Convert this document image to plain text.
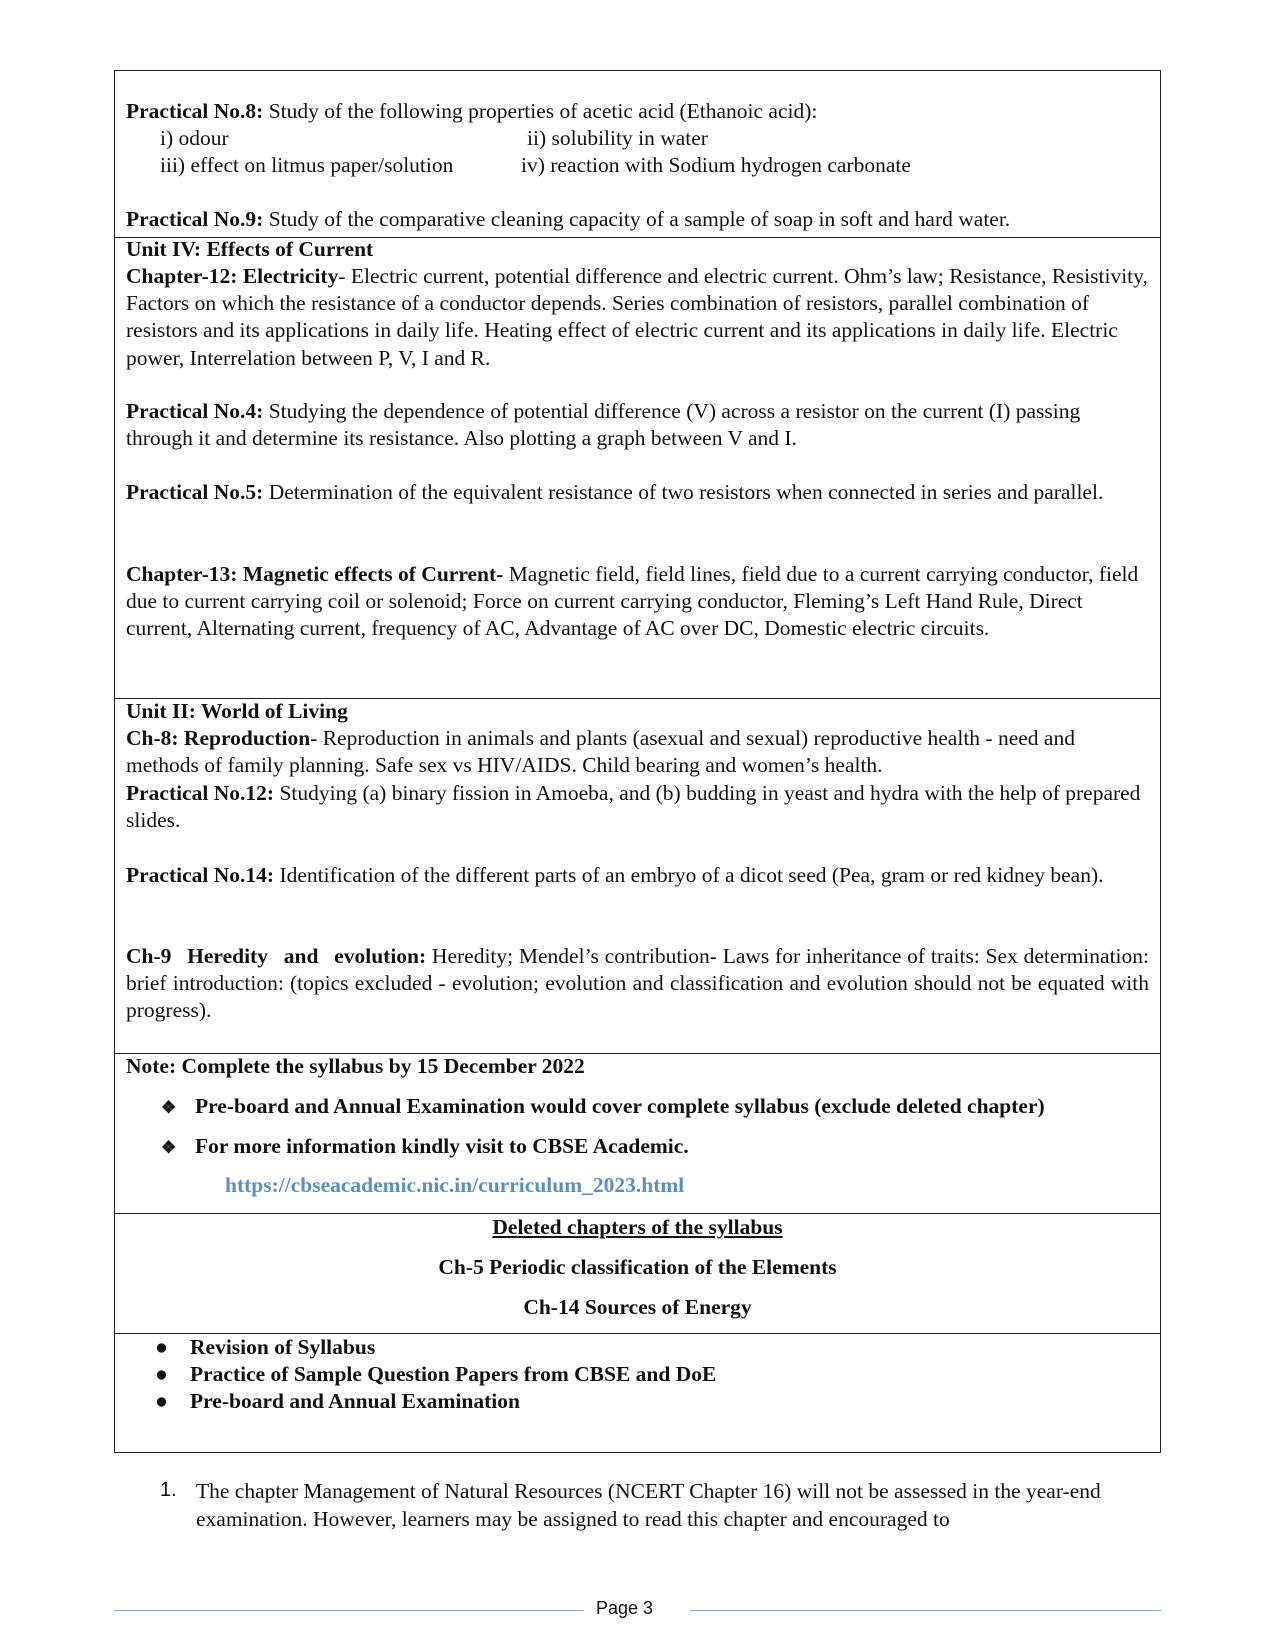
Practical No.8: Study of the following properties of acetic acid (Ethanoic acid):
i) odour	ii) solubility in water
iii) effect on litmus paper/solution	iv) reaction with Sodium hydrogen carbonate
Practical No.9: Study of the comparative cleaning capacity of a sample of soap in soft and hard water.
Unit IV: Effects of Current
Chapter-12: Electricity- Electric current, potential difference and electric current. Ohm’s law; Resistance, Resistivity, Factors on which the resistance of a conductor depends. Series combination of resistors, parallel combination of resistors and its applications in daily life. Heating effect of electric current and its applications in daily life. Electric power, Interrelation between P, V, I and R.
Practical No.4: Studying the dependence of potential difference (V) across a resistor on the current (I) passing through it and determine its resistance. Also plotting a graph between V and I.
Practical No.5: Determination of the equivalent resistance of two resistors when connected in series and parallel.
Chapter-13: Magnetic effects of Current- Magnetic field, field lines, field due to a current carrying conductor, field due to current carrying coil or solenoid; Force on current carrying conductor, Fleming’s Left Hand Rule, Direct current, Alternating current, frequency of AC, Advantage of AC over DC, Domestic electric circuits.
Unit II: World of Living
Ch-8: Reproduction- Reproduction in animals and plants (asexual and sexual) reproductive health - need and methods of family planning. Safe sex vs HIV/AIDS. Child bearing and women’s health.
Practical No.12: Studying (a) binary fission in Amoeba, and (b) budding in yeast and hydra with the help of prepared slides.
Practical No.14: Identification of the different parts of an embryo of a dicot seed (Pea, gram or red kidney bean).
Ch-9 Heredity and evolution: Heredity; Mendel’s contribution- Laws for inheritance of traits: Sex determination: brief introduction: (topics excluded - evolution; evolution and classification and evolution should not be equated with progress).
Note: Complete the syllabus by 15 December 2022
❖ Pre-board and Annual Examination would cover complete syllabus (exclude deleted chapter)
❖ For more information kindly visit to CBSE Academic.
https://cbseacademic.nic.in/curriculum_2023.html
Deleted chapters of the syllabus
Ch-5 Periodic classification of the Elements
Ch-14 Sources of Energy
● Revision of Syllabus
● Practice of Sample Question Papers from CBSE and DoE
● Pre-board and Annual Examination
1. The chapter Management of Natural Resources (NCERT Chapter 16) will not be assessed in the year-end examination. However, learners may be assigned to read this chapter and encouraged to
Page 3
